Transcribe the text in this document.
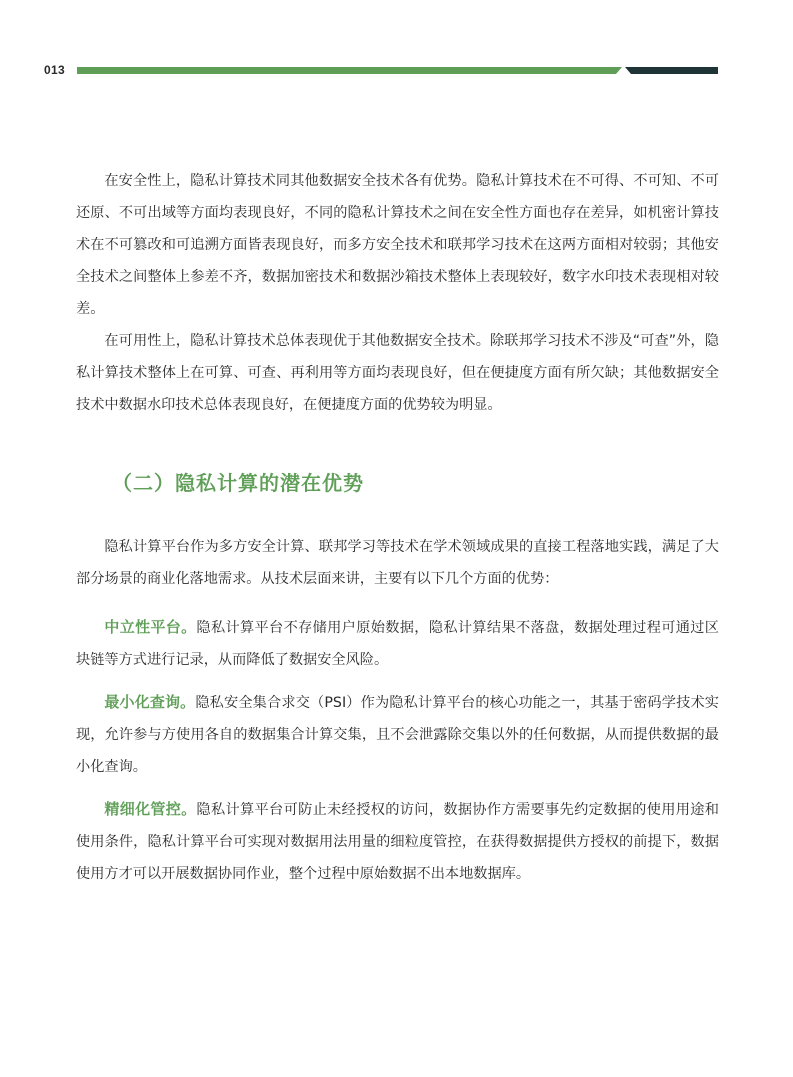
013

在安全性上，隐私计算技术同其他数据安全技术各有优势。隐私计算技术在不可得、不可知、不可还原、不可出域等方面均表现良好，不同的隐私计算技术之间在安全性方面也存在差异，如机密计算技术在不可篡改和可追溯方面皆表现良好，而多方安全技术和联邦学习技术在这两方面相对较弱；其他安全技术之间整体上参差不齐，数据加密技术和数据沙箱技术整体上表现较好，数字水印技术表现相对较差。

在可用性上，隐私计算技术总体表现优于其他数据安全技术。除联邦学习技术不涉及“可查”外，隐私计算技术整体上在可算、可查、再利用等方面均表现良好，但在便捷度方面有所欠缺；其他数据安全技术中数据水印技术总体表现良好，在便捷度方面的优势较为明显。

（二）隐私计算的潜在优势

隐私计算平台作为多方安全计算、联邦学习等技术在学术领域成果的直接工程落地实践，满足了大部分场景的商业化落地需求。从技术层面来讲，主要有以下几个方面的优势：

中立性平台。隐私计算平台不存储用户原始数据，隐私计算结果不落盘，数据处理过程可通过区块链等方式进行记录，从而降低了数据安全风险。

最小化查询。隐私安全集合求交（PSI）作为隐私计算平台的核心功能之一，其基于密码学技术实现，允许参与方使用各自的数据集合计算交集，且不会泄露除交集以外的任何数据，从而提供数据的最小化查询。

精细化管控。隐私计算平台可防止未经授权的访问，数据协作方需要事先约定数据的使用用途和使用条件，隐私计算平台可实现对数据用法用量的细粒度管控，在获得数据提供方授权的前提下，数据使用方才可以开展数据协同作业，整个过程中原始数据不出本地数据库。
